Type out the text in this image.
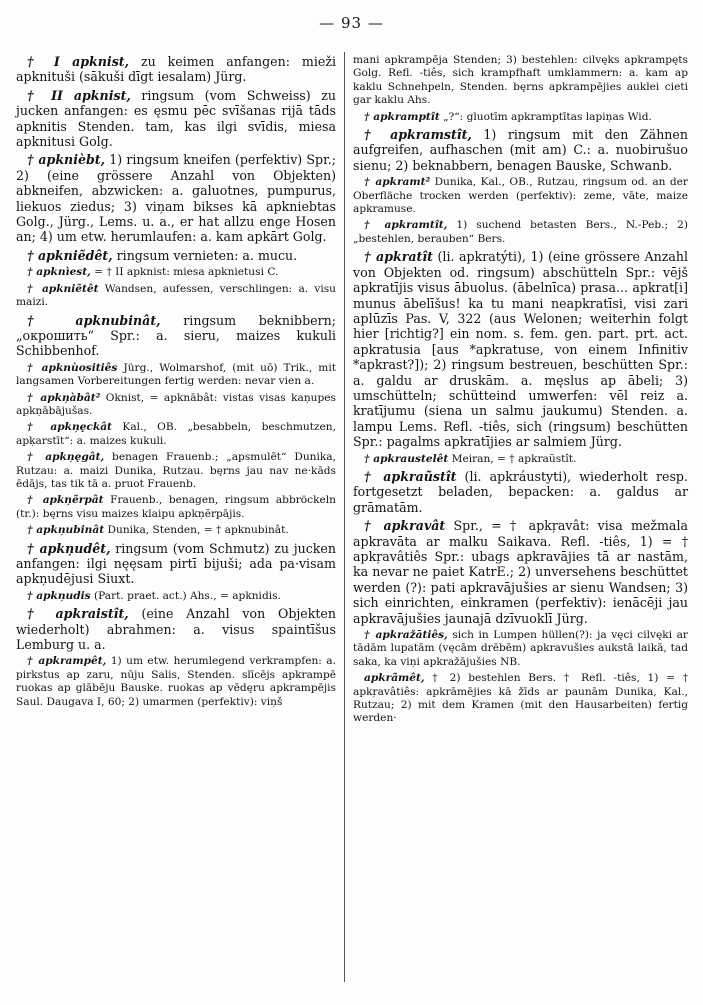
— 93 —

† I apknist, zu keimen anfangen: mieži apknituši (sākuši dīgt iesalam) Jürg.

† II apknist, ringsum (vom Schweiss) zu jucken anfangen: es ęsmu pēc svīšanas rijā tāds apknitis Stenden. tam, kas ilgi svīdis, miesa apknitusi Golg.

† apknièbt, 1) ringsum kneifen (perfektiv) Spr.; 2) (eine grössere Anzahl von Objekten) abkneifen, abzwicken: a. galuotnes, pumpurus, liekuos ziedus; 3) viņam bikses kā apkniebtas Golg., Jürg., Lems. u. a., er hat allzu enge Hosen an; 4) um etw. herumlaufen: a. kam apkārt Golg.

† apkniẽdêt, ringsum vernieten: a. mucu.

† apknìest, = † II apknist: miesa apknietusi C.

† apkniẽtêt Wandsen, aufessen, verschlingen: a. visu maizi.

† apknubinât, ringsum beknibbern; „окрошить“ Spr.: a. sieru, maizes kukuli Schibbenhof.

† apknùositiês Jürg., Wolmarshof, (mit uō) Trik., mit langsamen Vorbereitungen fertig werden: nevar vien a.

† apkņàbât² Oknist, = apknābât: vistas visas kaņupes apkņābājušas.

† apkņęckât Kal., OB. „besabbeln, beschmutzen, apķarstīt“: a. maizes kukuli.

† apkņęgât, benagen Frauenb.; „apsmulēt“ Dunika, Rutzau: a. maizi Dunika, Rutzau. bęrns jau nav ne·kāds ēdājs, tas tik tā a. pruot Frauenb.

† apkņẽrpât Frauenb., benagen, ringsum abbröckeln (tr.): bęrns visu maizes klaipu apkņẽrpājis.

† apkņubinât Dunika, Stenden, = † apknubinât.

† apkņudêt, ringsum (vom Schmutz) zu jucken anfangen: ilgi nęęsam pirtī bijuši; ada pa·visam apkņudējusi Siuxt.

† apkņudis (Part. praet. act.) Ahs., = apknidis.

† apkraistît, (eine Anzahl von Objekten wiederholt) abrahmen: a. visus spaintīšus Lemburg u. a.

† apkrampêt, 1) um etw. herumlegend verkrampfen: a. pirkstus ap zaru, nūju Salis, Stenden. slīcējs apkrampē ruokas ap glābēju Bauske. ruokas ap vēdęru apkrampējis Saul. Daugava I, 60; 2) umarmen (perfektiv): viņš

mani apkrampēja Stenden; 3) bestehlen: cilvęks apkrampęts Golg. Refl. -tiês, sich krampfhaft umklammern: a. kam ap kaklu Schnehpeln, Stenden. bęrns apkrampējies auklei cieti gar kaklu Ahs.

† apkramptît „?“: gluotīm apkramptītas lapiņas Wid.

† apkramstît, 1) ringsum mit den Zähnen aufgreifen, aufhaschen (mit am) C.: a. nuobirušuo sienu; 2) beknabbern, benagen Bauske, Schwanb.

† apkramt² Dunika, Kal., OB., Rutzau, ringsum od. an der Oberfläche trocken werden (perfektiv): zeme, vāte, maize apkramuse.

† apkramtît, 1) suchend betasten Bers., N.-Peb.; 2) „bestehlen, berauben“ Bers.

† apkratît (li. apkratýti), 1) (eine grössere Anzahl von Objekten od. ringsum) abschütteln Spr.: vējš apkratījis visus ābuolus. (ābelnīca) prasa... apkrat[i] munus ābelīšus! ka tu mani neapkratīsi, visi zari aplūzīs Pas. V, 322 (aus Welonen; weiterhin folgt hier [richtig?] ein nom. s. fem. gen. part. prt. act. apkratusia [aus *apkratuse, von einem Infinitiv *apkrast?]); 2) ringsum bestreuen, beschütten Spr.: a. galdu ar druskām. a. męslus ap ābeli; 3) umschütteln; schütteind umwerfen: vēl reiz a. kratījumu (siena un salmu jaukumu) Stenden. a. lampu Lems. Refl. -tiês, sich (ringsum) beschütten Spr.: pagalms apkratījies ar salmiem Jürg.

† apkraustelêt Meiran, = † apkraũstît.

† apkraũstît (li. apkráustyti), wiederholt resp. fortgesetzt beladen, bepacken: a. galdus ar grāmatām.

† apkravât Spr., = † apkŗavât: visa mežmala apkravāta ar malku Saikava. Refl. -tiês, 1) = † apkŗavâtiês Spr.: ubags apkravājies tā ar nastām, ka nevar ne paiet KatrE.; 2) unversehens beschüttet werden (?): pati apkravājušies ar sienu Wandsen; 3) sich einrichten, einkramen (perfektiv): ienācēji jau apkravājušies jaunajā dzīvuoklī Jürg.

† apkražātiês, sich in Lumpen hüllen(?): ja vęci cilvęki ar tādām lupatām (vęcām drēbēm) apkravušies aukstā laikā, tad saka, ka viņi apkražājušies NB.

apkrãmêt, † 2) bestehlen Bers. † Refl. -tiês, 1) = † apkŗavâtiês: apkrāmējies kā žīds ar paunām Dunika, Kal., Rutzau; 2) mit dem Kramen (mit den Hausarbeiten) fertig werden·
